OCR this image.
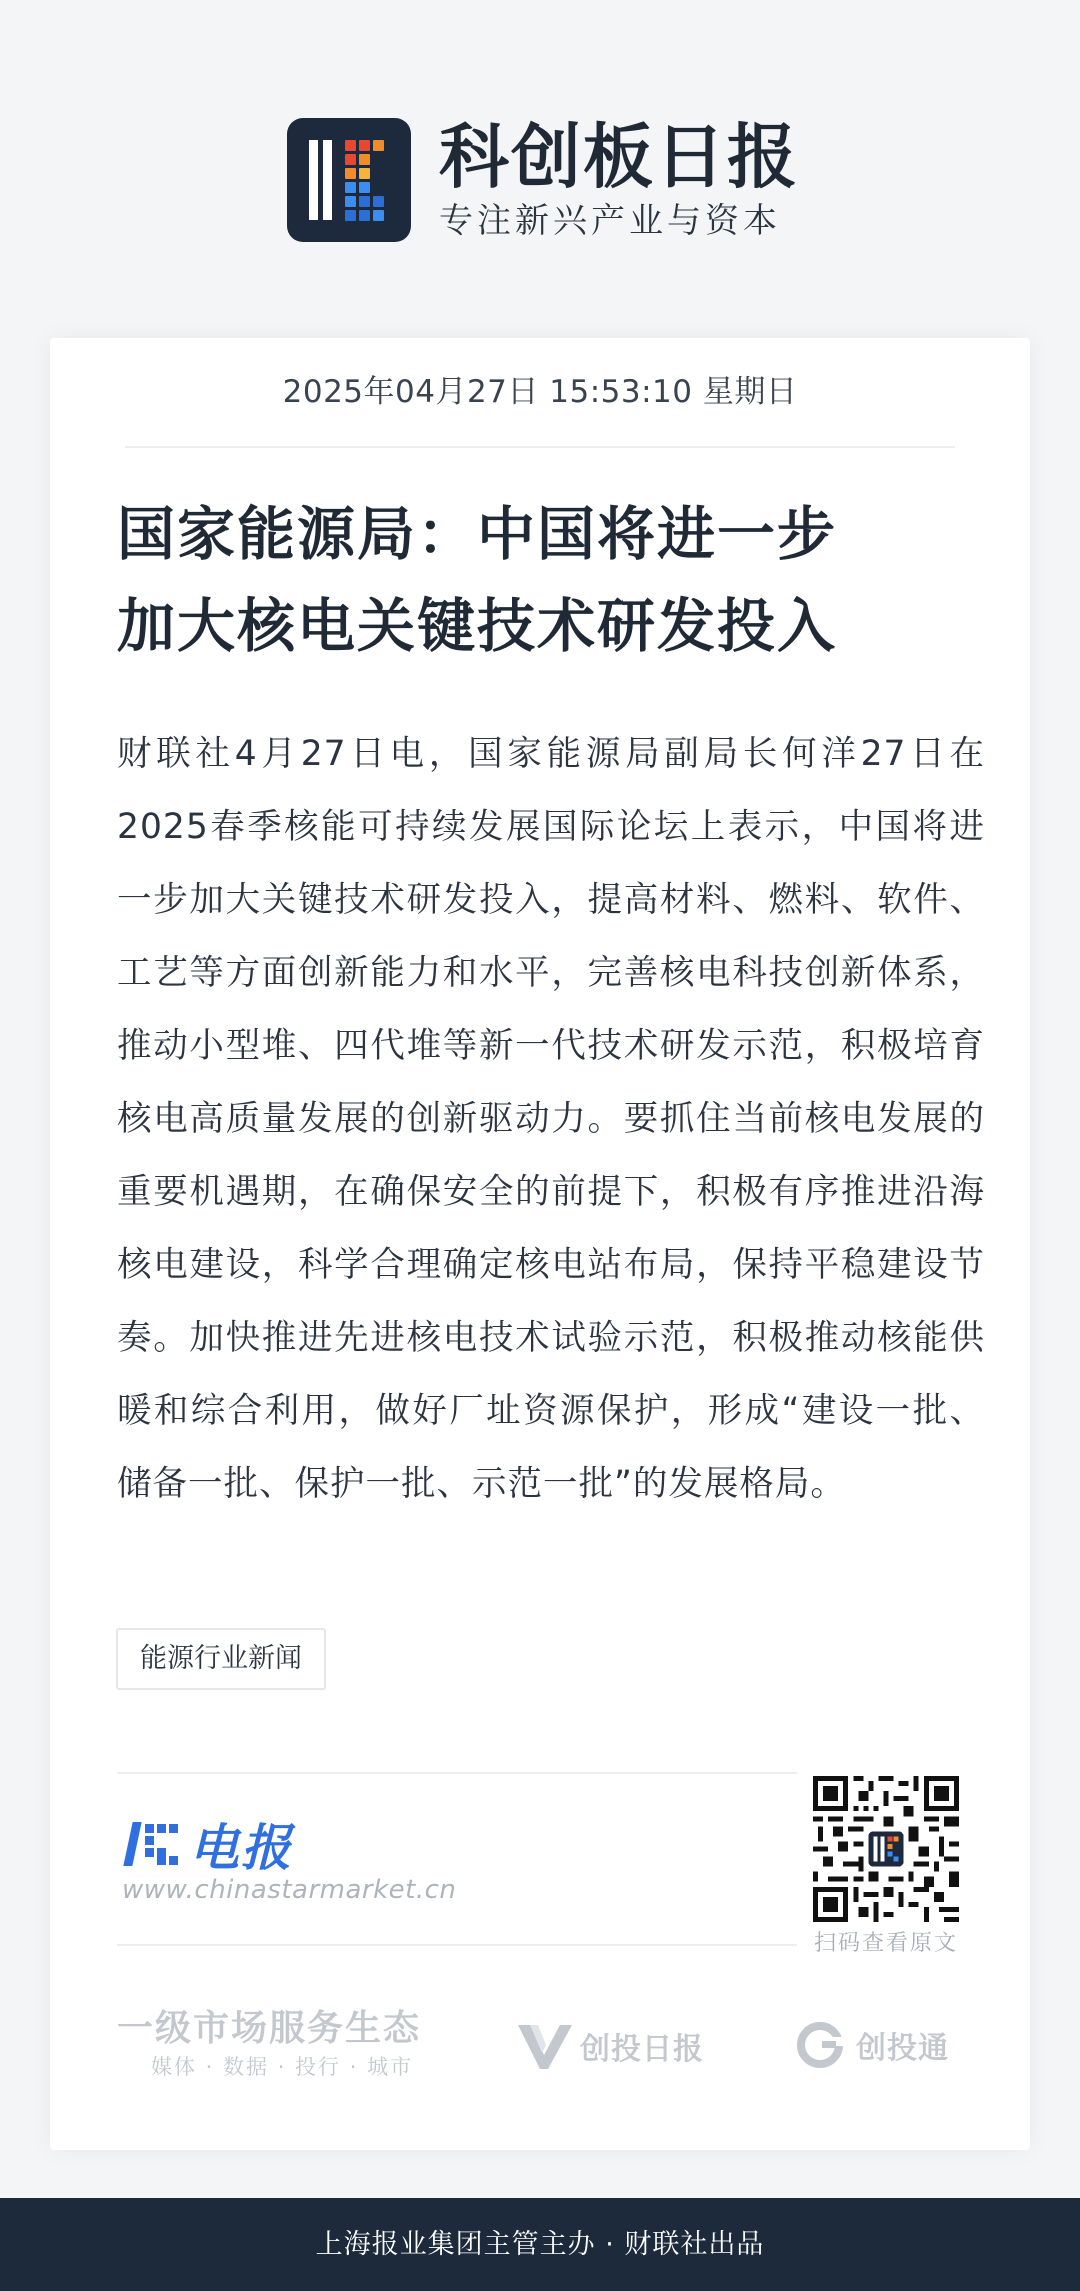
科创板日报
专注新兴产业与资本
2025年04月27日 15:53:10 星期日
国家能源局：中国将进一步
加大核电关键技术研发投入

财联社4月27日电，国家能源局副局长何洋27日在2025春季核能可持续发展国际论坛上表示，中国将进一步加大关键技术研发投入，提高材料、燃料、软件、工艺等方面创新能力和水平，完善核电科技创新体系，推动小型堆、四代堆等新一代技术研发示范，积极培育核电高质量发展的创新驱动力。要抓住当前核电发展的重要机遇期，在确保安全的前提下，积极有序推进沿海核电建设，科学合理确定核电站布局，保持平稳建设节奏。加快推进先进核电技术试验示范，积极推动核能供暖和综合利用，做好厂址资源保护，形成“建设一批、储备一批、保护一批、示范一批”的发展格局。

能源行业新闻
电报
www.chinastarmarket.cn
扫码查看原文
一级市场服务生态
媒体 · 数据 · 投行 · 城市	创投日报	创投通
上海报业集团主管主办 · 财联社出品
